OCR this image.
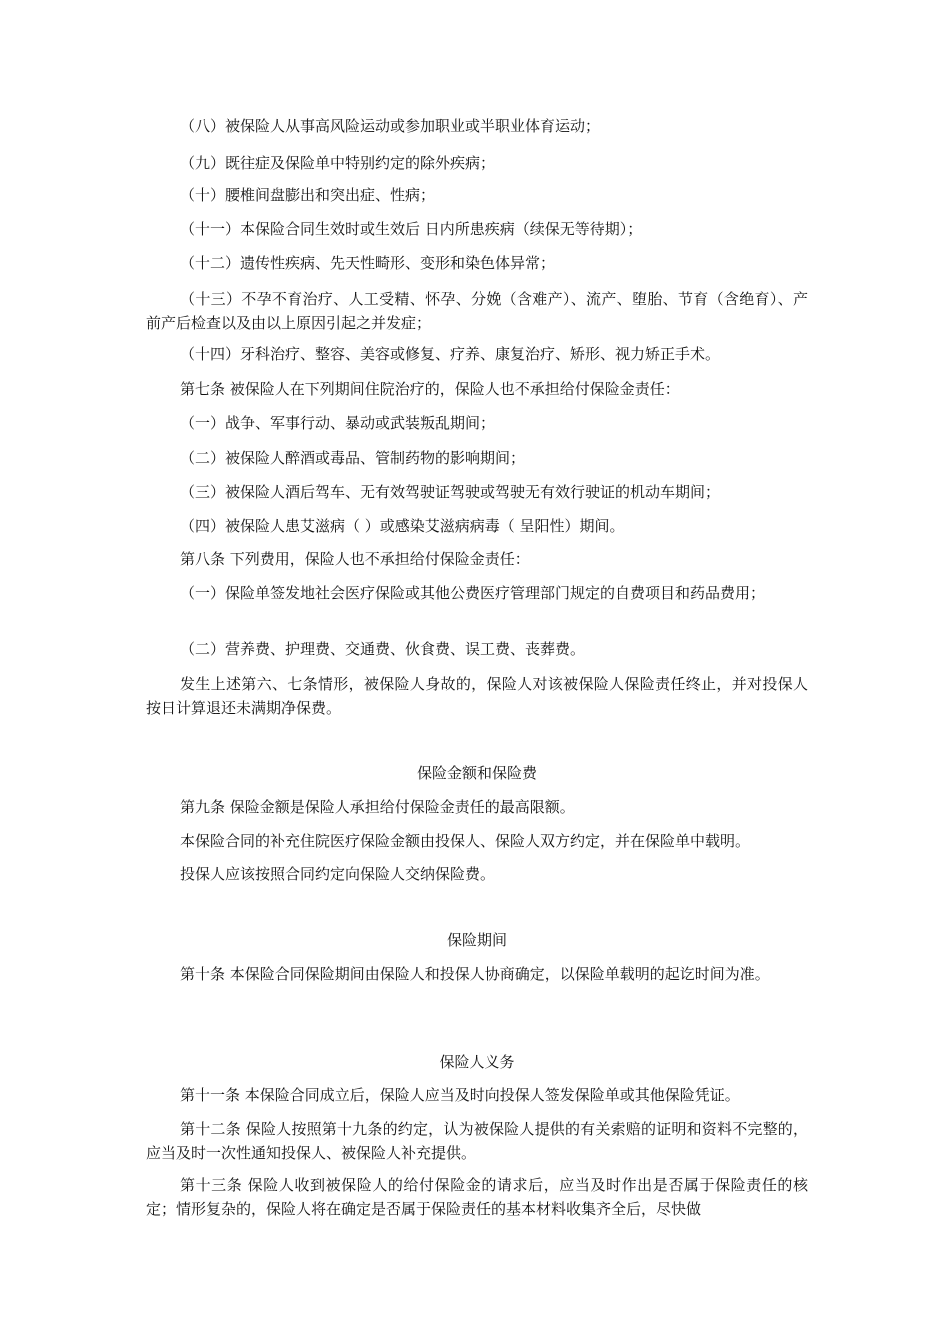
（八）被保险人从事高风险运动或参加职业或半职业体育运动；

（九）既往症及保险单中特别约定的除外疾病；

（十）腰椎间盘膨出和突出症、性病；

（十一）本保险合同生效时或生效后 日内所患疾病（续保无等待期）；

（十二）遗传性疾病、先天性畸形、变形和染色体异常；

（十三）不孕不育治疗、人工受精、怀孕、分娩（含难产）、流产、堕胎、节育（含绝育）、产前产后检查以及由以上原因引起之并发症；

（十四）牙科治疗、整容、美容或修复、疗养、康复治疗、矫形、视力矫正手术。

第七条 被保险人在下列期间住院治疗的，保险人也不承担给付保险金责任：

（一）战争、军事行动、暴动或武装叛乱期间；

（二）被保险人醉酒或毒品、管制药物的影响期间；

（三）被保险人酒后驾车、无有效驾驶证驾驶或驾驶无有效行驶证的机动车期间；

（四）被保险人患艾滋病（ ）或感染艾滋病病毒（ 呈阳性）期间。

第八条 下列费用，保险人也不承担给付保险金责任：

（一）保险单签发地社会医疗保险或其他公费医疗管理部门规定的自费项目和药品费用；

（二）营养费、护理费、交通费、伙食费、误工费、丧葬费。

发生上述第六、七条情形，被保险人身故的，保险人对该被保险人保险责任终止，并对投保人按日计算退还未满期净保费。

保险金额和保险费

第九条 保险金额是保险人承担给付保险金责任的最高限额。

本保险合同的补充住院医疗保险金额由投保人、保险人双方约定，并在保险单中载明。

投保人应该按照合同约定向保险人交纳保险费。

保险期间

第十条 本保险合同保险期间由保险人和投保人协商确定，以保险单载明的起讫时间为准。

保险人义务

第十一条 本保险合同成立后，保险人应当及时向投保人签发保险单或其他保险凭证。

第十二条 保险人按照第十九条的约定，认为被保险人提供的有关索赔的证明和资料不完整的，应当及时一次性通知投保人、被保险人补充提供。

第十三条 保险人收到被保险人的给付保险金的请求后，应当及时作出是否属于保险责任的核定；情形复杂的，保险人将在确定是否属于保险责任的基本材料收集齐全后，尽快做
